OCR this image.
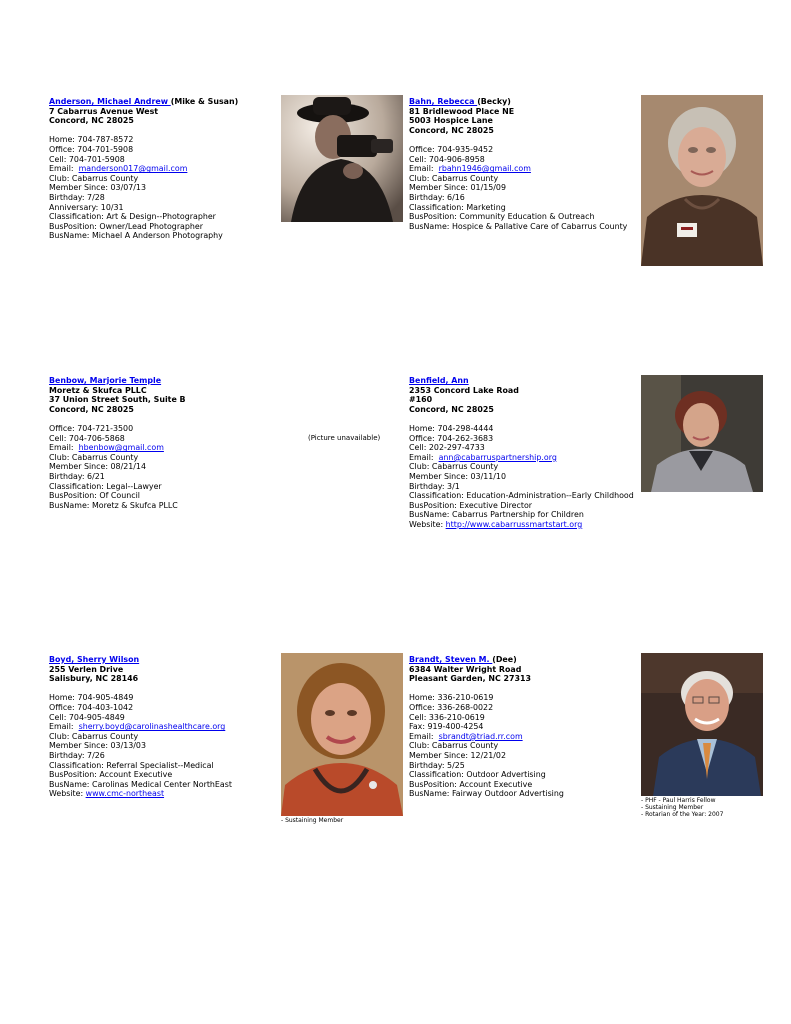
Anderson, Michael Andrew (Mike & Susan)
7 Cabarrus Avenue West
Concord, NC 28025
Home: 704-787-8572
Office: 704-701-5908
Cell: 704-701-5908
Email:  manderson017@gmail.com
Club: Cabarrus County
Member Since: 03/07/13
Birthday: 7/28
Anniversary: 10/31
Classification: Art & Design--Photographer
BusPosition: Owner/Lead Photographer
BusName: Michael A Anderson Photography
Bahn, Rebecca (Becky)
81 Bridlewood Place NE
5003 Hospice Lane
Concord, NC 28025
Office: 704-935-9452
Cell: 704-906-8958
Email:  rbahn1946@gmail.com
Club: Cabarrus County
Member Since: 01/15/09
Birthday: 6/16
Classification: Marketing
BusPosition: Community Education & Outreach
BusName: Hospice & Pallative Care of Cabarrus County
Benbow, Marjorie Temple
Moretz & Skufca PLLC
37 Union Street South, Suite B
Concord, NC 28025
Office: 704-721-3500
Cell: 704-706-5868
Email:  hbenbow@gmail.com
Club: Cabarrus County
Member Since: 08/21/14
Birthday: 6/21
Classification: Legal--Lawyer
BusPosition: Of Council
BusName: Moretz & Skufca PLLC
(Picture unavailable)
Benfield, Ann
2353 Concord Lake Road
#160
Concord, NC 28025
Home: 704-298-4444
Office: 704-262-3683
Cell: 202-297-4733
Email:  ann@cabarruspartnership.org
Club: Cabarrus County
Member Since: 03/11/10
Birthday: 3/1
Classification: Education-Administration--Early Childhood
BusPosition: Executive Director
BusName: Cabarrus Partnership for Children
Website: http://www.cabarrussmartstart.org
Boyd, Sherry Wilson
255 Verlen Drive
Salisbury, NC 28146
Home: 704-905-4849
Office: 704-403-1042
Cell: 704-905-4849
Email:  sherry.boyd@carolinashealthcare.org
Club: Cabarrus County
Member Since: 03/13/03
Birthday: 7/26
Classification: Referral Specialist--Medical
BusPosition: Account Executive
BusName: Carolinas Medical Center NorthEast
Website: www.cmc-northeast
- Sustaining Member
Brandt, Steven M. (Dee)
6384 Walter Wright Road
Pleasant Garden, NC 27313
Home: 336-210-0619
Office: 336-268-0022
Cell: 336-210-0619
Fax: 919-400-4254
Email:  sbrandt@triad.rr.com
Club: Cabarrus County
Member Since: 12/21/02
Birthday: 5/25
Classification: Outdoor Advertising
BusPosition: Account Executive
BusName: Fairway Outdoor Advertising
- PHF - Paul Harris Fellow
- Sustaining Member
- Rotarian of the Year: 2007
